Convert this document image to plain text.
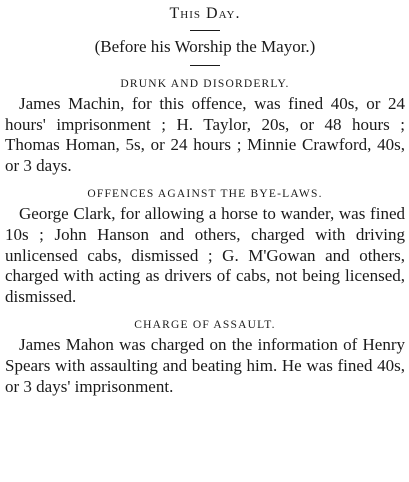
This Day.
(Before his Worship the Mayor.)
DRUNK AND DISORDERLY.

James Machin, for this offence, was fined 40s, or 24 hours' imprisonment ; H. Taylor, 20s, or 48 hours ; Thomas Homan, 5s, or 24 hours ; Minnie Crawford, 40s, or 3 days.

OFFENCES AGAINST THE BYE-LAWS.

George Clark, for allowing a horse to wander, was fined 10s ; John Hanson and others, charged with driving unlicensed cabs, dismissed ; G. M'Gowan and others, charged with acting as drivers of cabs, not being licensed, dismissed.

CHARGE OF ASSAULT.

James Mahon was charged on the information of Henry Spears with assaulting and beating him. He was fined 40s, or 3 days' imprisonment.
